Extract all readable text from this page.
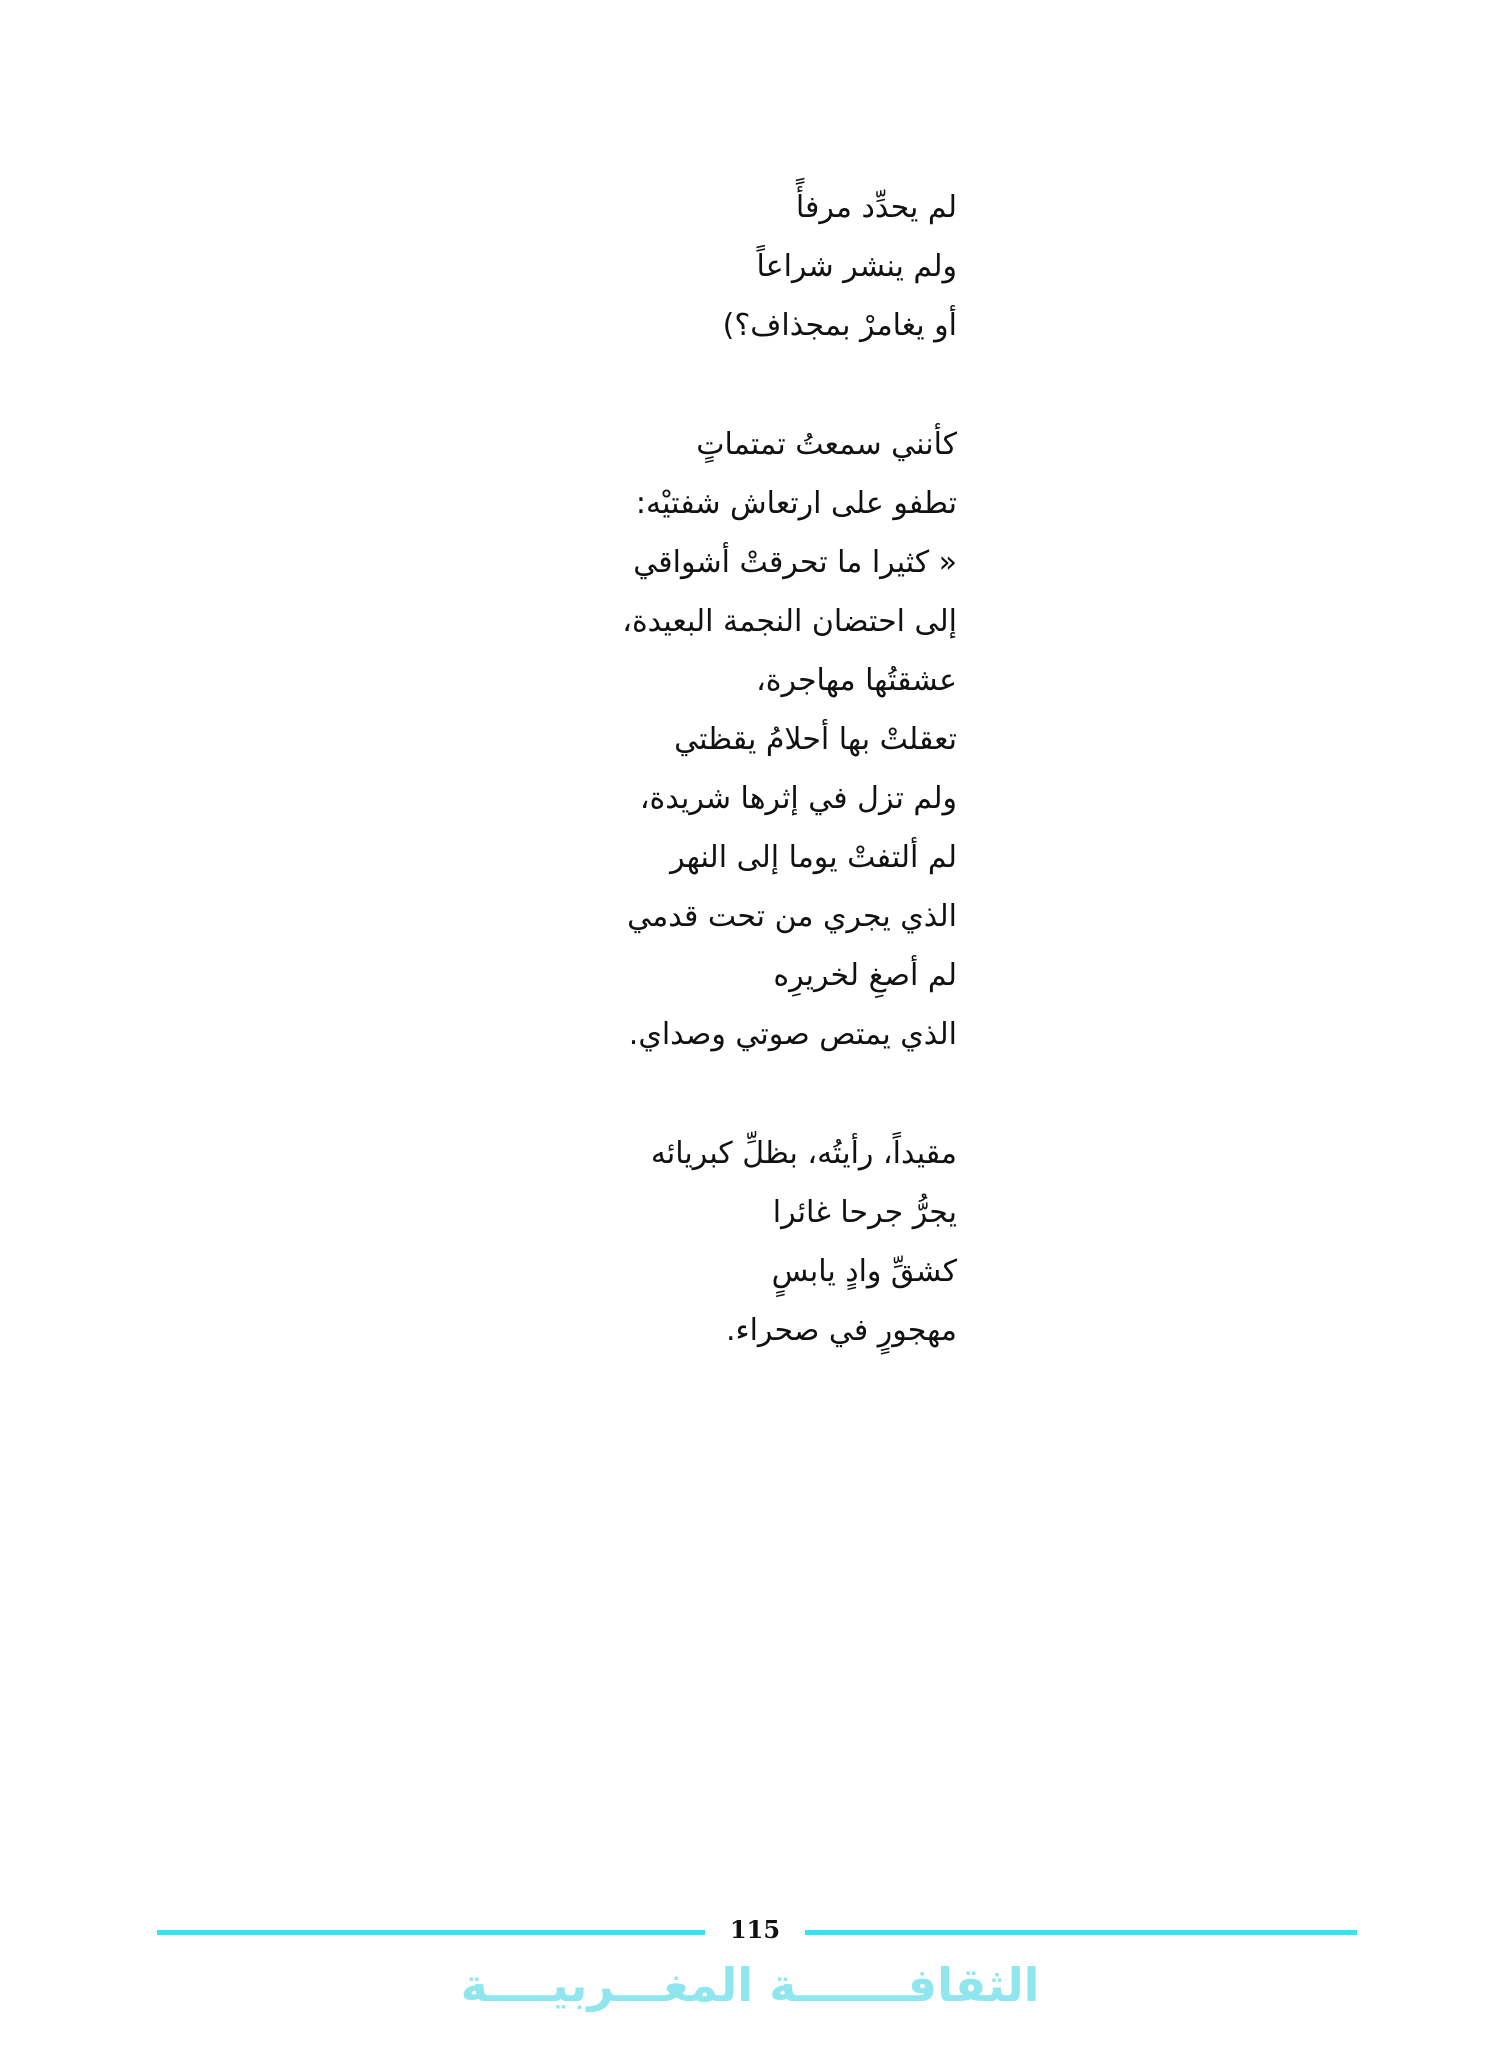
لم يحدِّد مرفأً
ولم ينشر شراعاً
أو يغامرْ بمجذاف؟)
كأنني سمعتُ تمتماتٍ
تطفو على ارتعاش شفتيْه:
« كثيرا ما تحرقتْ أشواقي
إلى احتضان النجمة البعيدة،
عشقتُها مهاجرة،
تعقلتْ بها أحلامُ يقظتي
ولم تزل في إثرها شريدة،
لم ألتفتْ يوما إلى النهر
الذي يجري من تحت قدمي
لم أصغِ لخريرِه
الذي يمتص صوتي وصداي.
مقيداً، رأيتُه، بظلِّ كبريائه
يجرُّ جرحا غائرا
كشقِّ وادٍ يابسٍ
مهجورٍ في صحراء.
115
الثقافـــــــة المغـــربيــــة
